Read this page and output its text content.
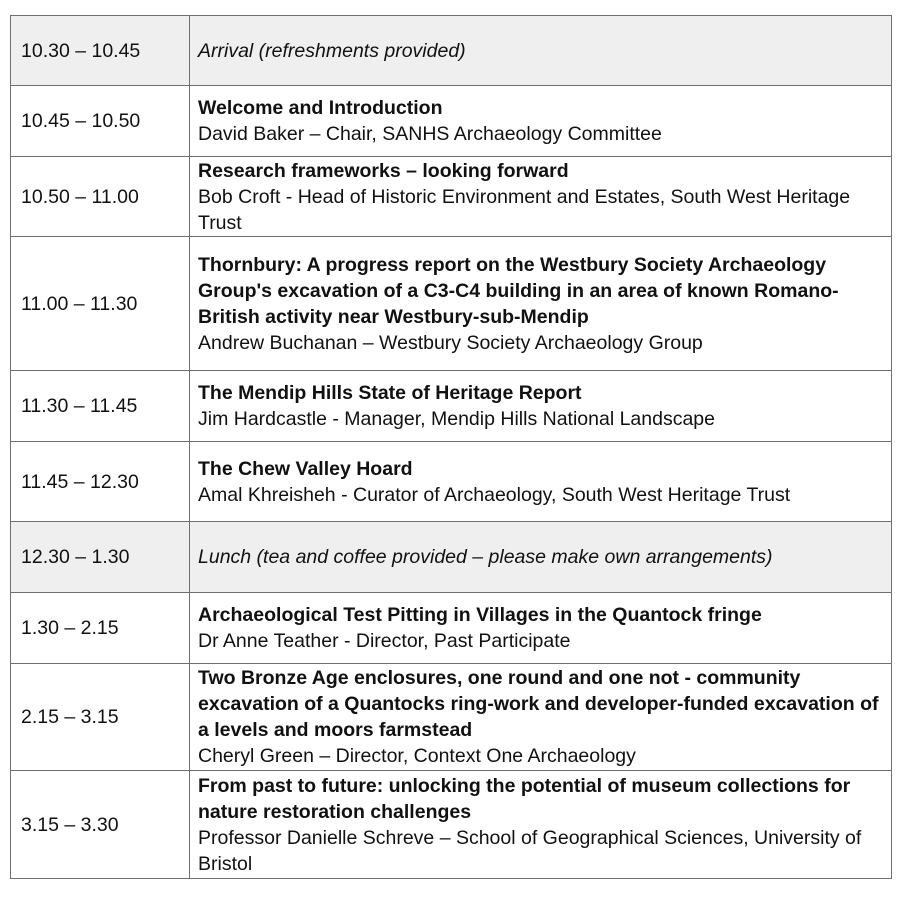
10.30 – 10.45	Arrival (refreshments provided)
10.45 – 10.50	Welcome and Introduction
David Baker – Chair, SANHS Archaeology Committee

10.50 – 11.00	Research frameworks – looking forward
Bob Croft - Head of Historic Environment and Estates, South West Heritage Trust

11.00 – 11.30	Thornbury: A progress report on the Westbury Society Archaeology Group's excavation of a C3-C4 building in an area of known Romano-British activity near Westbury-sub-Mendip
Andrew Buchanan – Westbury Society Archaeology Group

11.30 – 11.45	The Mendip Hills State of Heritage Report
Jim Hardcastle - Manager, Mendip Hills National Landscape

11.45 – 12.30	The Chew Valley Hoard
Amal Khreisheh - Curator of Archaeology, South West Heritage Trust

12.30 – 1.30	Lunch (tea and coffee provided – please make own arrangements)
1.30 – 2.15	Archaeological Test Pitting in Villages in the Quantock fringe
Dr Anne Teather - Director, Past Participate

2.15 – 3.15	Two Bronze Age enclosures, one round and one not - community excavation of a Quantocks ring-work and developer-funded excavation of a levels and moors farmstead
Cheryl Green – Director, Context One Archaeology

3.15 – 3.30	From past to future: unlocking the potential of museum collections for nature restoration challenges
Professor Danielle Schreve – School of Geographical Sciences, University of Bristol
